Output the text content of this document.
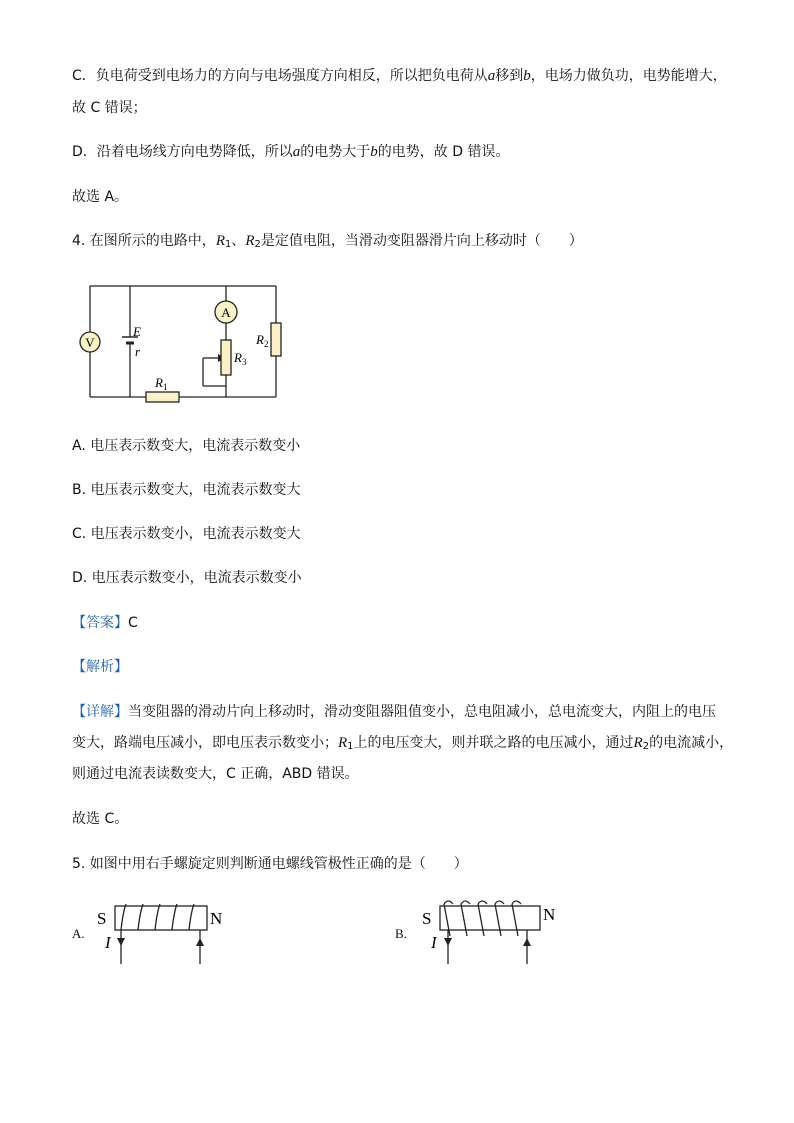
C．负电荷受到电场力的方向与电场强度方向相反，所以把负电荷从a移到b，电场力做负功，电势能增大，
故 C 错误；
D．沿着电场线方向电势降低，所以a的电势大于b的电势，故 D 错误。
故选 A。
4. 在图所示的电路中，R1、R2是定值电阻，当滑动变阻器滑片向上移动时（　　）
V
A
E
r
$R_1$
$R_3$
$R_2$
A. 电压表示数变大，电流表示数变小
B. 电压表示数变大，电流表示数变大
C. 电压表示数变小，电流表示数变大
D. 电压表示数变小，电流表示数变小
【答案】C
【解析】
【详解】当变阻器的滑动片向上移动时，滑动变阻器阻值变小，总电阻减小，总电流变大，内阻上的电压
变大，路端电压减小，即电压表示数变小；R1上的电压变大，则并联之路的电压减小，通过R2的电流减小，
则通过电流表读数变大，C 正确，ABD 错误。
故选 C。
5. 如图中用右手螺旋定则判断通电螺线管极性正确的是（　　）
A.
S	N
I	B.
S	N
I
